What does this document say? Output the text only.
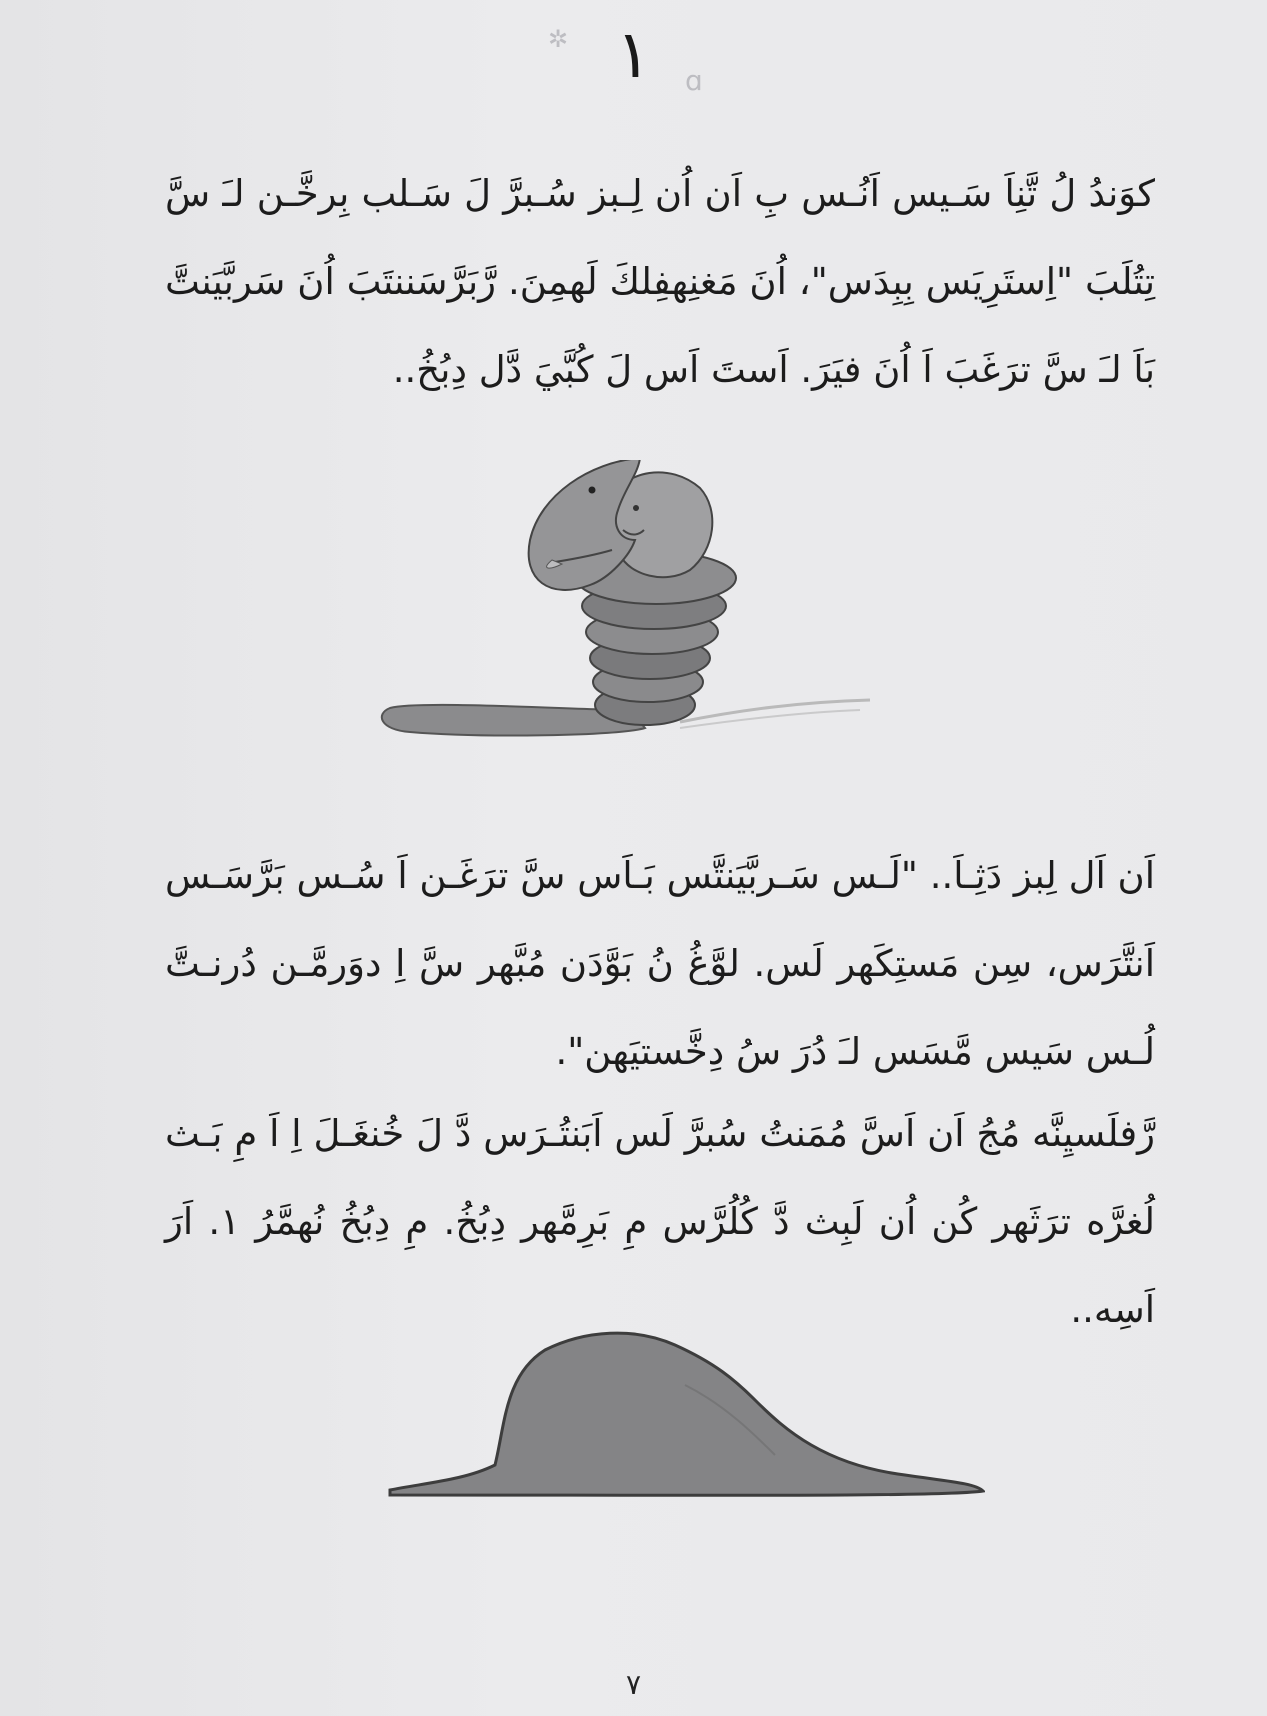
✲
ɑ
١

كوَندُ لُ تَّنِاَ سَـيس اَنُـس بِ اَن اُن لِـبز سُـبرَّ لَ سَـلب بِرخَّـن لـَ سَّ تِتُلَبَ "اِستَرِيَس بِبِدَس"، اُنَ مَغنِهفِلكَ لَهمِنَ. رَّبَرَّسَننتَبَ اُنَ سَربَّيَنتَّ بَاَ لـَ سَّ ترَغَبَ اَ اُنَ فيَرَ. اَستَ اَس لَ كُبَّيَ دَّل دِبُخُ..

اَن اَل لِبز دَثِـاَ.. "لَـس سَـربَّيَنتَّس بَـاَس سَّ ترَغَـن اَ سُـس بَرَّسَـس اَنتَّرَس، سِن مَستِكَهر لَس. لوَّغُ نُ بَوَّدَن مُبَّهر سَّ اِ دوَرمَّـن دُرنـتَّ لُـس سَيس مَّسَس لـَ دُرَ سُ دِخَّستيَهن".

رَّفلَسيِنَّه مُجُ اَن اَسَّ مُمَنتُ سُبرَّ لَس اَبَنتُـرَس دَّ لَ خُنغَـلَ اِ اَ مِ بَـث لُغرَّه ترَثَهر كُن اُن لَبِث دَّ كُلُرَّس مِ بَرِمَّهر دِبُخُ. مِ دِبُخُ نُهمَّرُ ١. اَرَ اَسِه..

٧
